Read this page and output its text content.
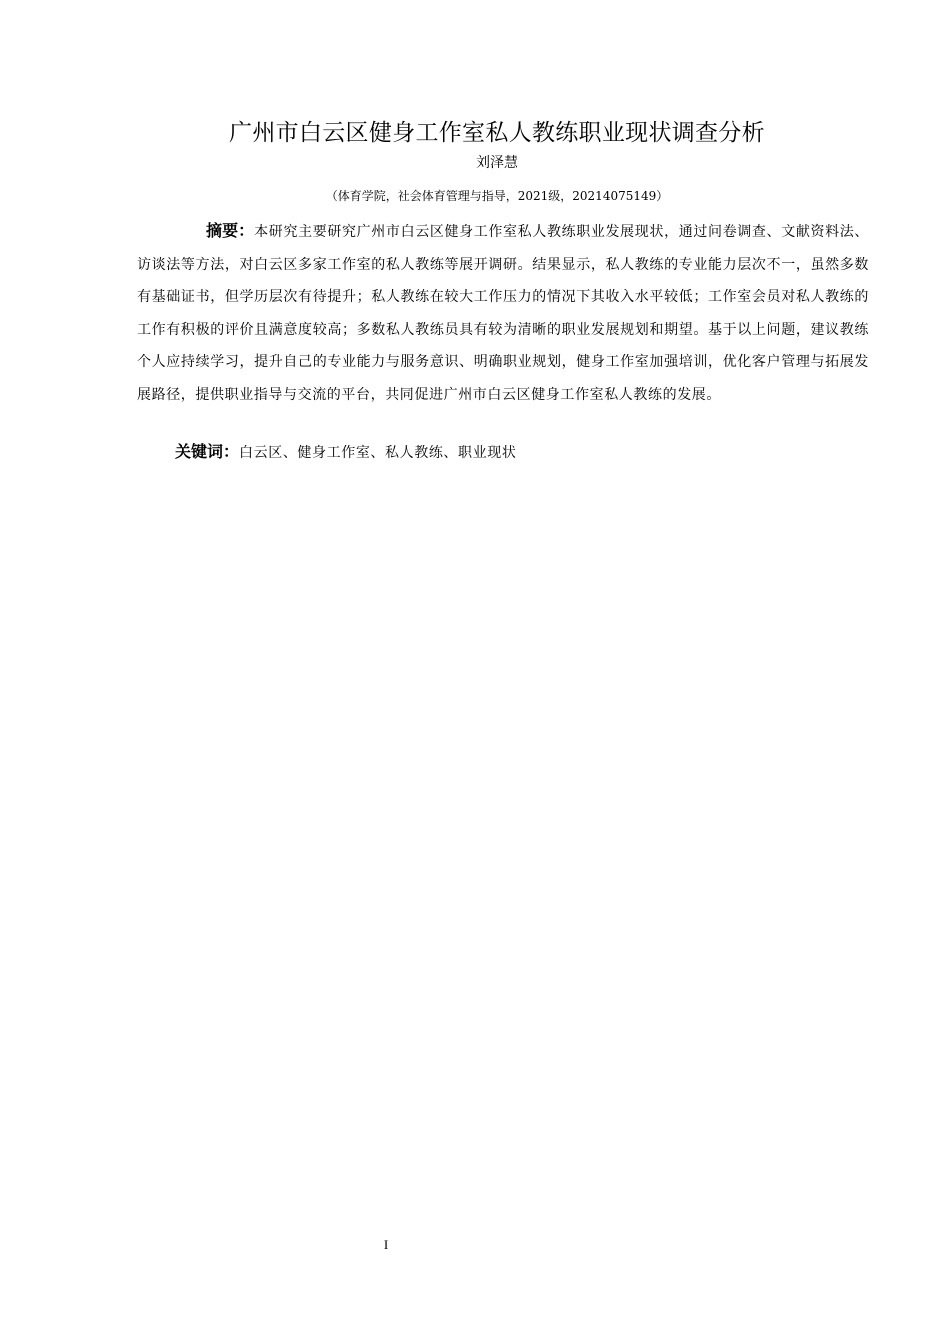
广州市白云区健身工作室私人教练职业现状调查分析
刘泽慧
（体育学院，社会体育管理与指导，2021级，20214075149）
摘要：本研究主要研究广州市白云区健身工作室私人教练职业发展现状，通过问卷调查、文献资料法、访谈法等方法，对白云区多家工作室的私人教练等展开调研。结果显示，私人教练的专业能力层次不一，虽然多数有基础证书，但学历层次有待提升；私人教练在较大工作压力的情况下其收入水平较低；工作室会员对私人教练的工作有积极的评价且满意度较高；多数私人教练员具有较为清晰的职业发展规划和期望。基于以上问题，建议教练个人应持续学习，提升自己的专业能力与服务意识、明确职业规划，健身工作室加强培训，优化客户管理与拓展发展路径，提供职业指导与交流的平台，共同促进广州市白云区健身工作室私人教练的发展。
关键词：白云区、健身工作室、私人教练、职业现状
I
